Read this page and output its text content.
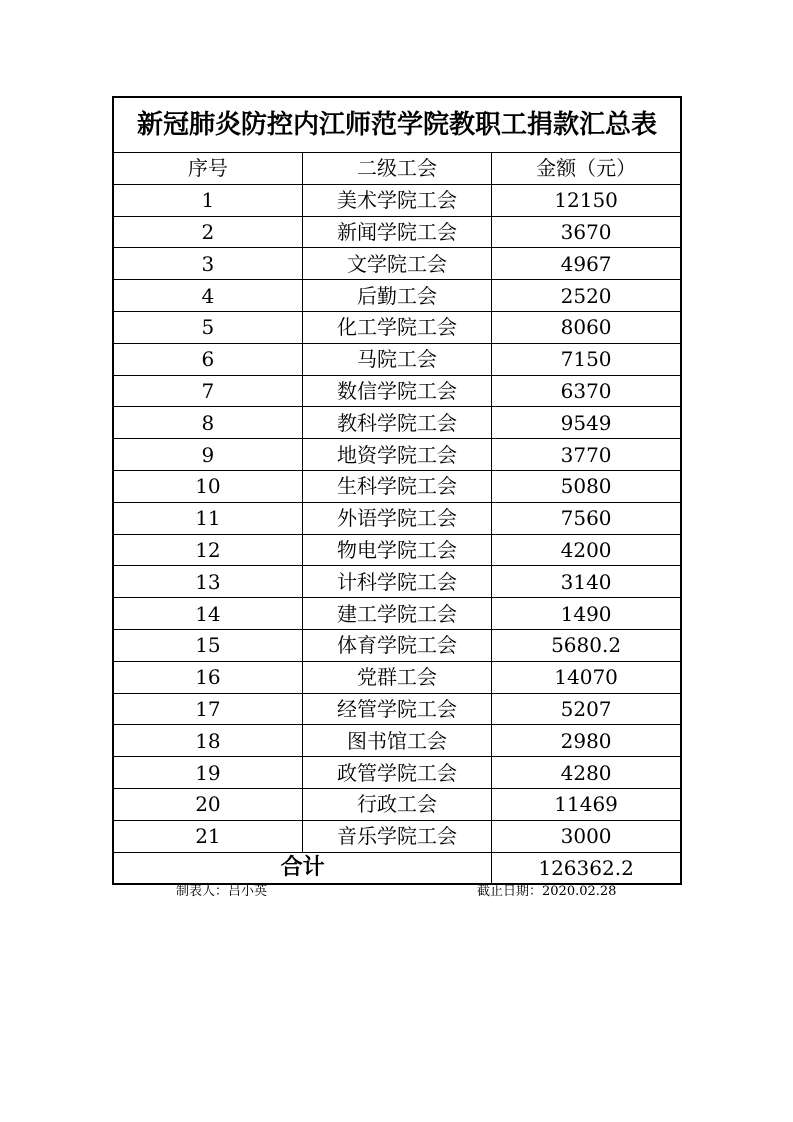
新冠肺炎防控内江师范学院教职工捐款汇总表		
序号	二级工会	金额（元）
1	美术学院工会	12150
2	新闻学院工会	3670
3	文学院工会	4967
4	后勤工会	2520
5	化工学院工会	8060
6	马院工会	7150
7	数信学院工会	6370
8	教科学院工会	9549
9	地资学院工会	3770
10	生科学院工会	5080
11	外语学院工会	7560
12	物电学院工会	4200
13	计科学院工会	3140
14	建工学院工会	1490
15	体育学院工会	5680.2
16	党群工会	14070
17	经管学院工会	5207
18	图书馆工会	2980
19	政管学院工会	4280
20	行政工会	11469
21	音乐学院工会	3000
合计		126362.2
制表人：吕小英	截止日期：2020.02.28
